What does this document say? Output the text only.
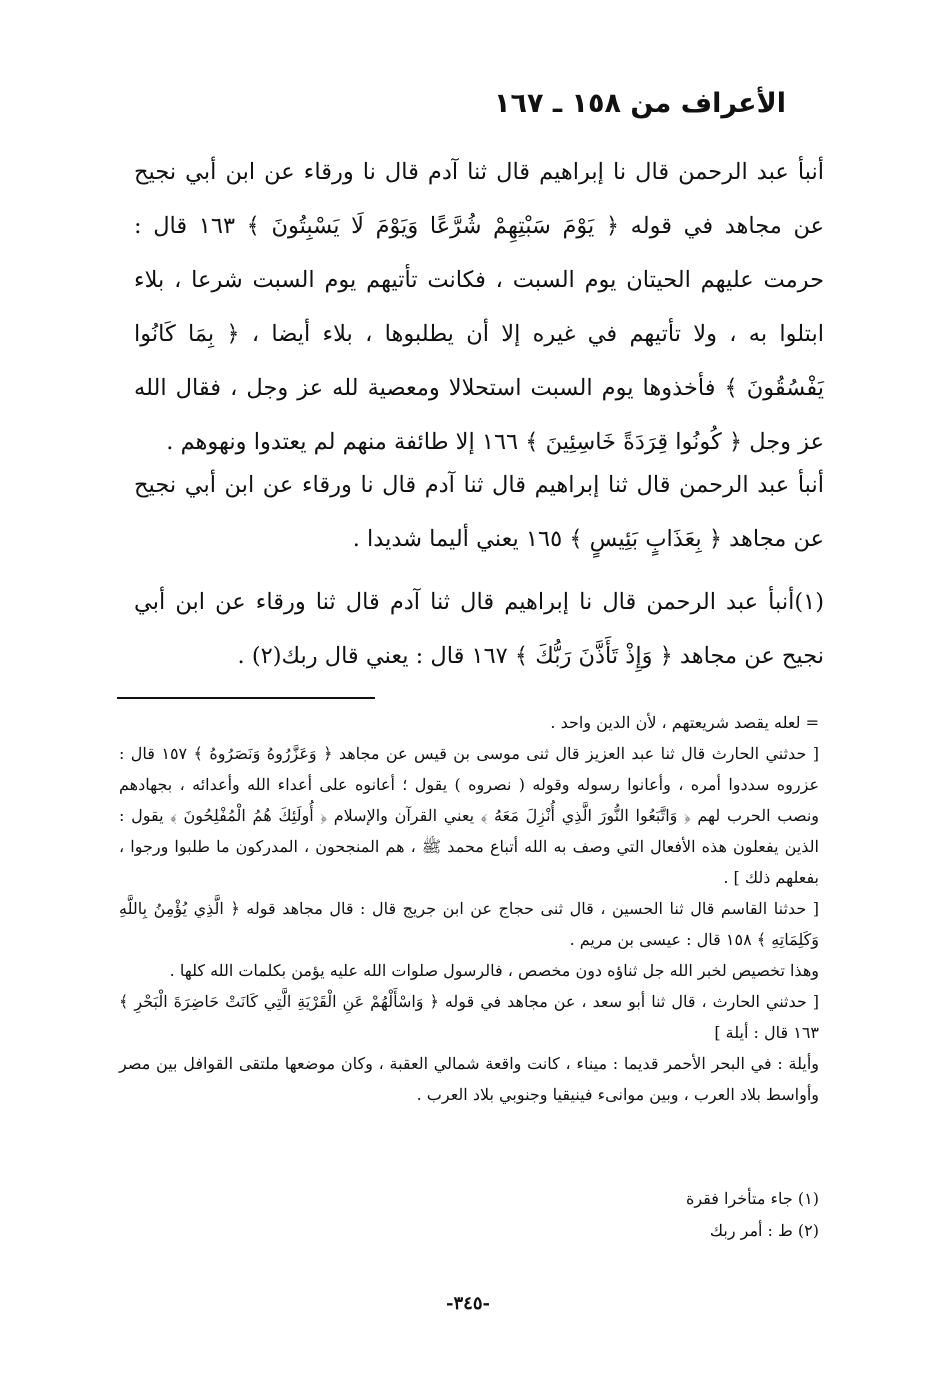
الأعراف من ١٥٨ ـ ١٦٧

أنبأ عبد الرحمن قال نا إبراهيم قال ثنا آدم قال نا ورقاء عن ابن أبي نجيح عن مجاهد في قوله ﴿ يَوْمَ سَبْتِهِمْ شُرَّعًا وَيَوْمَ لَا يَسْبِتُونَ ﴾ ١٦٣ قال : حرمت عليهم الحيتان يوم السبت ، فكانت تأتيهم يوم السبت شرعا ، بلاء ابتلوا به ، ولا تأتيهم في غيره إلا أن يطلبوها ، بلاء أيضا ، ﴿ بِمَا كَانُوا يَفْسُقُونَ ﴾ فأخذوها يوم السبت استحلالا ومعصية لله عز وجل ، فقال الله عز وجل ﴿ كُونُوا قِرَدَةً خَاسِئِينَ ﴾ ١٦٦ إلا طائفة منهم لم يعتدوا ونهوهم .

أنبأ عبد الرحمن قال ثنا إبراهيم قال ثنا آدم قال نا ورقاء عن ابن أبي نجيح عن مجاهد ﴿ بِعَذَابٍ بَئِيسٍ ﴾ ١٦٥ يعني أليما شديدا .

(١)أنبأ عبد الرحمن قال نا إبراهيم قال ثنا آدم قال ثنا ورقاء عن ابن أبي نجيح عن مجاهد ﴿ وَإِذْ تَأَذَّنَ رَبُّكَ ﴾ ١٦٧ قال : يعني قال ربك(٢) .

= لعله يقصد شريعتهم ، لأن الدين واحد .

[ حدثني الحارث قال ثنا عبد العزيز قال ثنى موسى بن قيس عن مجاهد ﴿ وَعَزَّرُوهُ وَنَصَرُوهُ ﴾ ١٥٧ قال : عزروه سددوا أمره ، وأعانوا رسوله وقوله ( نصروه ) يقول ؛ أعانوه على أعداء الله وأعدائه ، بجهادهم ونصب الحرب لهم ﴿ وَاتَّبَعُوا النُّورَ الَّذِي أُنْزِلَ مَعَهُ ﴾ يعني القرآن والإسلام ﴿ أُولَئِكَ هُمُ الْمُفْلِحُونَ ﴾ يقول : الذين يفعلون هذه الأفعال التي وصف به الله أتباع محمد ﷺ ، هم المنجحون ، المدركون ما طلبوا ورجوا ، بفعلهم ذلك ] .

[ حدثنا القاسم قال ثنا الحسين ، قال ثنى حجاج عن ابن جريج قال : قال مجاهد قوله ﴿ الَّذِي يُؤْمِنُ بِاللَّهِ وَكَلِمَاتِهِ ﴾ ١٥٨ قال : عيسى بن مريم .

وهذا تخصيص لخبر الله جل ثناؤه دون مخصص ، فالرسول صلوات الله عليه يؤمن بكلمات الله كلها .

[ حدثني الحارث ، قال ثنا أبو سعد ، عن مجاهد في قوله ﴿ وَاسْأَلْهُمْ عَنِ الْقَرْيَةِ الَّتِي كَانَتْ حَاضِرَةَ الْبَحْرِ ﴾ ١٦٣ قال : أيلة ]

وأيلة : في البحر الأحمر قديما : ميناء ، كانت واقعة شمالي العقبة ، وكان موضعها ملتقى القوافل بين مصر وأواسط بلاد العرب ، وبين موانىء فينيقيا وجنوبي بلاد العرب .

(١) جاء متأخرا فقرة

(٢) ط : أمر ربك

-٣٤٥-
